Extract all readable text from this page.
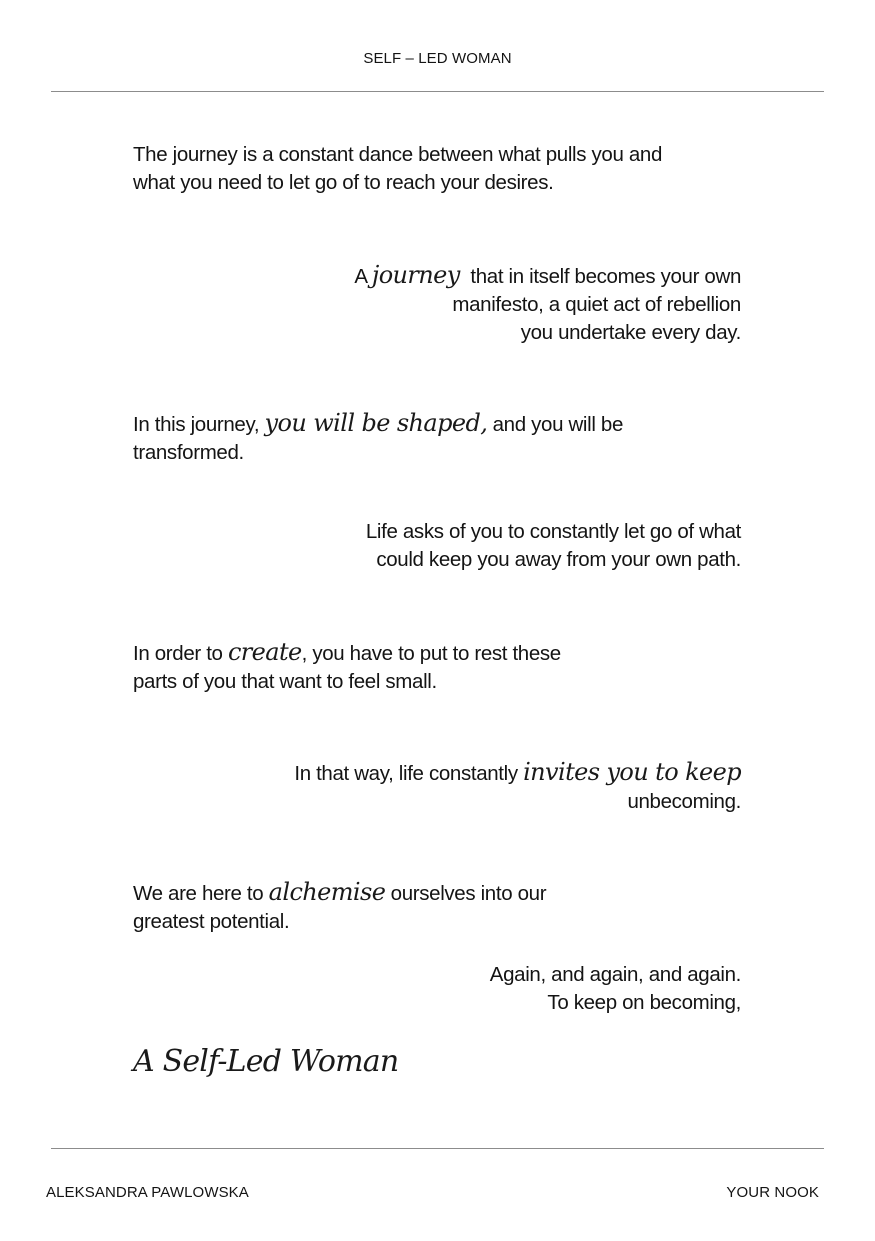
SELF – LED WOMAN
The journey is a constant dance between what pulls you and
what you need to let go of to reach your desires.
A journey  that in itself becomes your own
manifesto, a quiet act of rebellion
you undertake every day.
In this journey, you will be shaped, and you will be
transformed.
Life asks of you to constantly let go of what
could keep you away from your own path.
In order to create, you have to put to rest these
parts of you that want to feel small.
In that way, life constantly invites you to keep
unbecoming.
We are here to alchemise ourselves into our
greatest potential.
Again, and again, and again.
To keep on becoming,
A Self-Led Woman
ALEKSANDRA PAWLOWSKA	YOUR NOOK
